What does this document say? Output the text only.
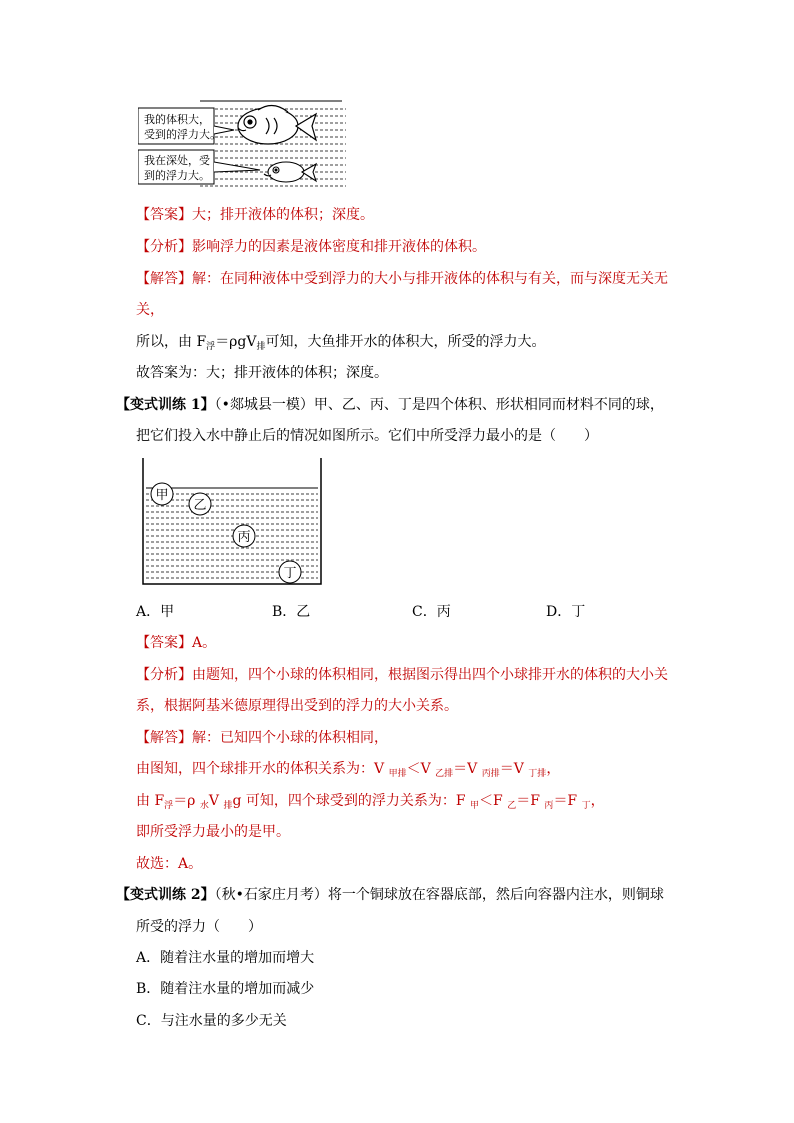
我的体积大，
受到的浮力大。
我在深处，受
到的浮力大。
【答案】大；排开液体的体积；深度。
【分析】影响浮力的因素是液体密度和排开液体的体积。
【解答】解：在同种液体中受到浮力的大小与排开液体的体积与有关，而与深度无关无
关，
所以，由 $F_浮=\rho gV_排$可知，大鱼排开水的体积大，所受的浮力大。
故答案为：大；排开液体的体积；深度。
【变式训练 1】（•郯城县一模）甲、乙、丙、丁是四个体积、形状相同而材料不同的球，
把它们投入水中静止后的情况如图所示。它们中所受浮力最小的是（　　）
甲
乙
丙
丁
A．甲	B．乙	C．丙	D．丁
【答案】A。
【分析】由题知，四个小球的体积相同，根据图示得出四个小球排开水的体积的大小关
系，根据阿基米德原理得出受到的浮力的大小关系。
【解答】解：已知四个小球的体积相同，
由图知，四个球排开水的体积关系为：V $_{甲排}$＜V $_{乙排}$＝V $_{丙排}$＝V $_{丁排}$，
由 $F_浮=\rho$ $_水$V $_排$g 可知，四个球受到的浮力关系为：F $_甲$＜F $_乙$＝F $_丙$＝F $_丁$，
即所受浮力最小的是甲。
故选：A。
【变式训练 2】（秋•石家庄月考）将一个铜球放在容器底部，然后向容器内注水，则铜球
所受的浮力（　　）
A．随着注水量的增加而增大
B．随着注水量的增加而减少
C．与注水量的多少无关
